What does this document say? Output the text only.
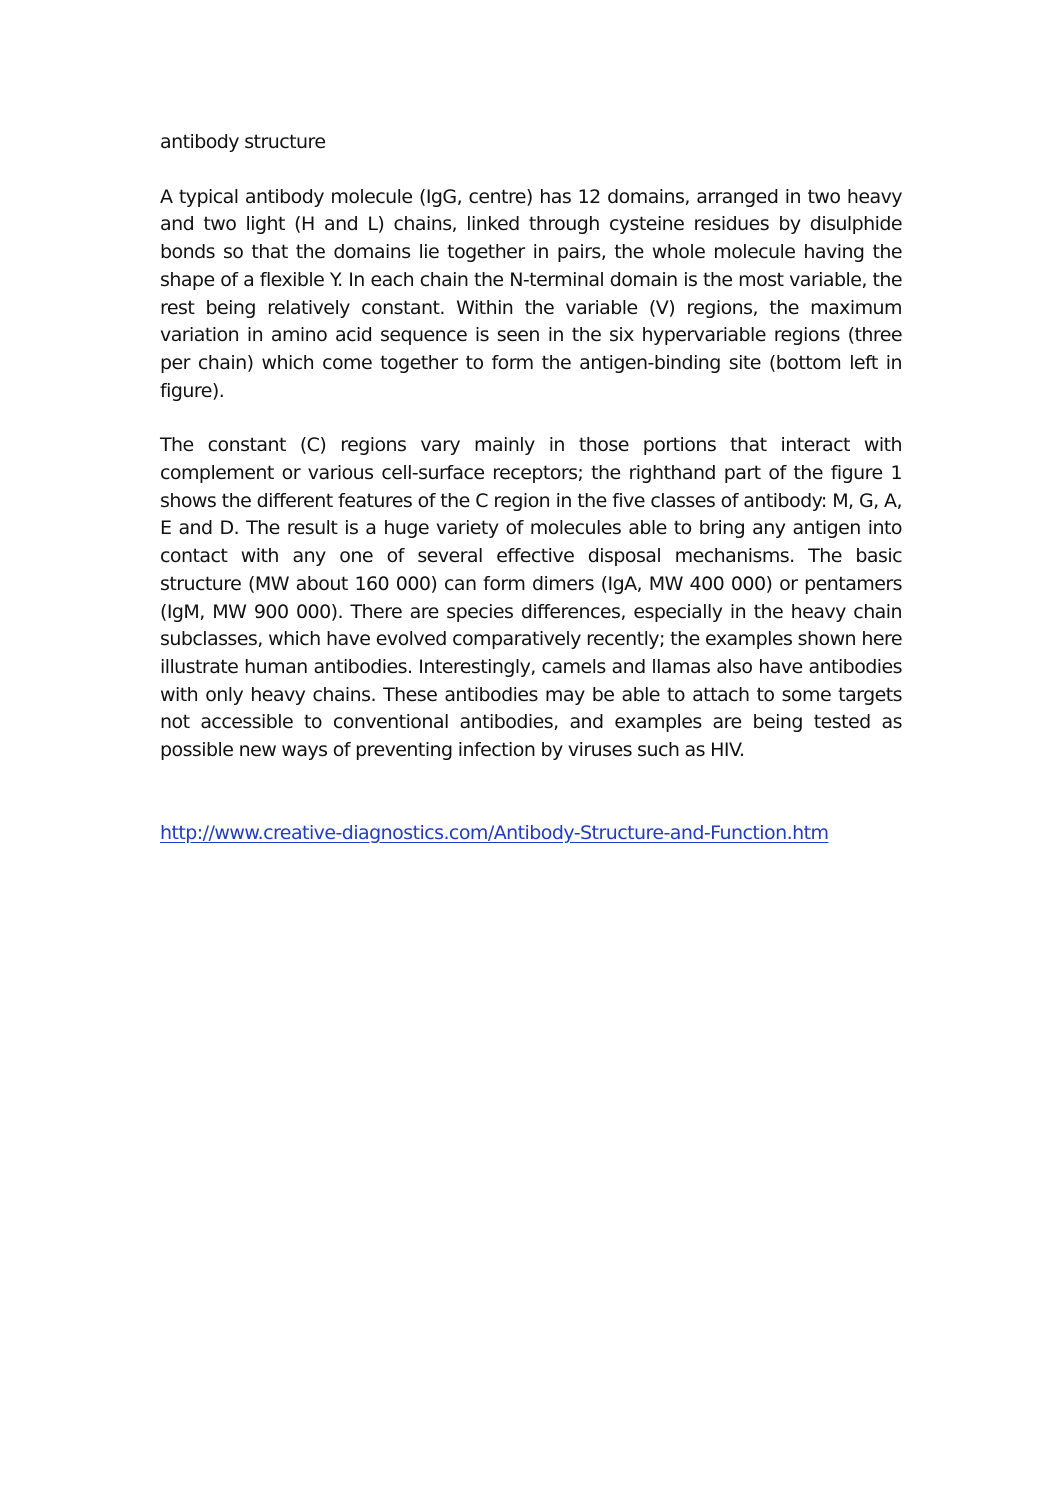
antibody structure

A typical antibody molecule (IgG, centre) has 12 domains, arranged in two heavy and two light (H and L) chains, linked through cysteine residues by disulphide bonds so that the domains lie together in pairs, the whole molecule having the shape of a flexible Y. In each chain the N-terminal domain is the most variable, the rest being relatively constant. Within the variable (V) regions, the maximum variation in amino acid sequence is seen in the six hypervariable regions (three per chain) which come together to form the antigen-binding site (bottom left in figure).

The constant (C) regions vary mainly in those portions that interact with complement or various cell-surface receptors; the righthand part of the figure 1 shows the different features of the C region in the five classes of antibody: M, G, A, E and D. The result is a huge variety of molecules able to bring any antigen into contact with any one of several effective disposal mechanisms. The basic structure (MW about 160 000) can form dimers (IgA, MW 400 000) or pentamers (IgM, MW 900 000). There are species differences, especially in the heavy chain subclasses, which have evolved comparatively recently; the examples shown here illustrate human antibodies. Interestingly, camels and llamas also have antibodies with only heavy chains. These antibodies may be able to attach to some targets not accessible to conventional antibodies, and examples are being tested as possible new ways of preventing infection by viruses such as HIV.

http://www.creative-diagnostics.com/Antibody-Structure-and-Function.htm
